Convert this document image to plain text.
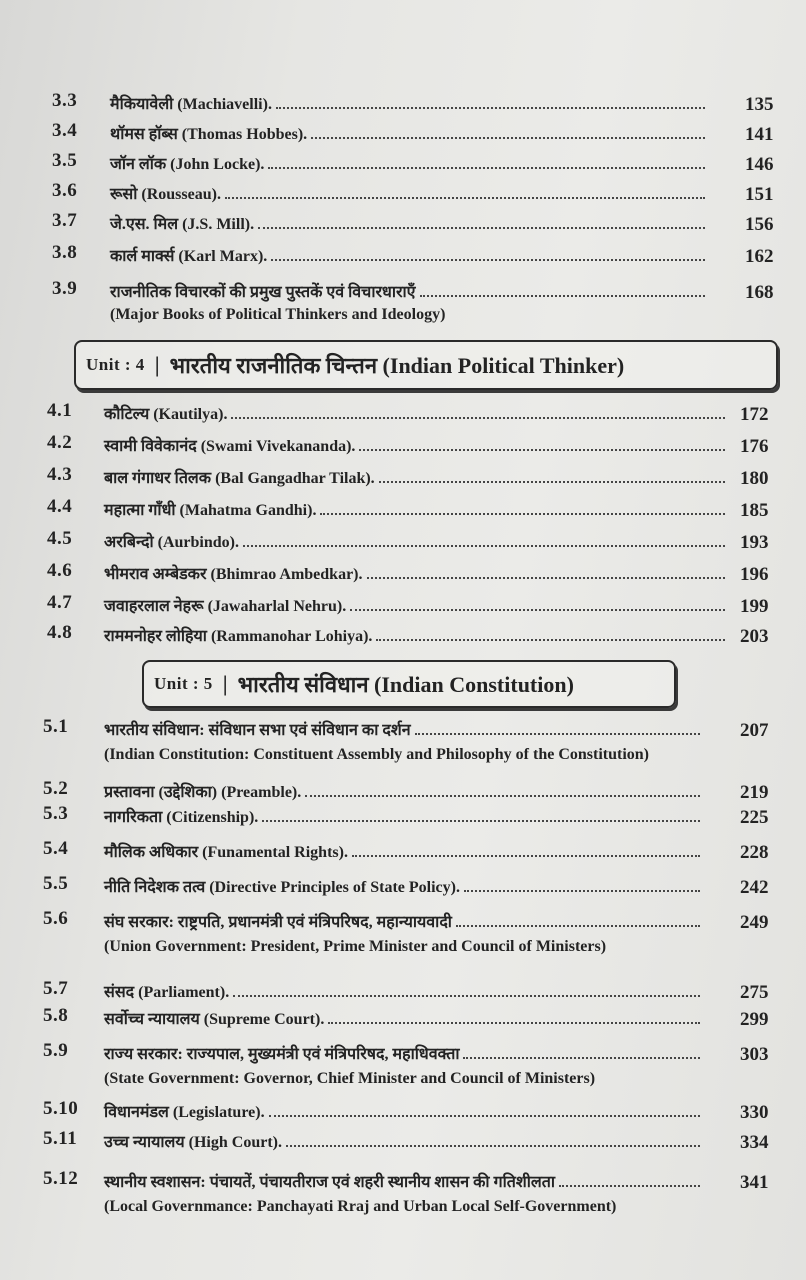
3.3 मैकियावेली (Machiavelli).	135
3.4 थॉमस हॉब्स (Thomas Hobbes).	141
3.5 जॉन लॉक (John Locke).	146
3.6 रूसो (Rousseau).	151
3.7 जे.एस. मिल (J.S. Mill).	156
3.8 कार्ल मार्क्स (Karl Marx).	162
3.9 राजनीतिक विचारकों की प्रमुख पुस्तकें एवं विचारधाराएँ	168
(Major Books of Political Thinkers and Ideology)
Unit : 4 | भारतीय राजनीतिक चिन्तन (Indian Political Thinker)
4.1 कौटिल्य (Kautilya).	172
4.2 स्वामी विवेकानंद (Swami Vivekananda).	176
4.3 बाल गंगाधर तिलक (Bal Gangadhar Tilak).	180
4.4 महात्मा गाँधी (Mahatma Gandhi).	185
4.5 अरबिन्दो (Aurbindo).	193
4.6 भीमराव अम्बेडकर (Bhimrao Ambedkar).	196
4.7 जवाहरलाल नेहरू (Jawaharlal Nehru).	199
4.8 राममनोहर लोहिया (Rammanohar Lohiya).	203
Unit : 5 | भारतीय संविधान (Indian Constitution)
5.1 भारतीय संविधान: संविधान सभा एवं संविधान का दर्शन	207
(Indian Constitution: Constituent Assembly and Philosophy of the Constitution)
5.2 प्रस्तावना (उद्देशिका) (Preamble).	219
5.3 नागरिकता (Citizenship).	225
5.4 मौलिक अधिकार (Funamental Rights).	228
5.5 नीति निदेशक तत्व (Directive Principles of State Policy).	242
5.6 संघ सरकार: राष्ट्रपति, प्रधानमंत्री एवं मंत्रिपरिषद, महान्यायवादी	249
(Union Government: President, Prime Minister and Council of Ministers)
5.7 संसद (Parliament).	275
5.8 सर्वोच्च न्यायालय (Supreme Court).	299
5.9 राज्य सरकार: राज्यपाल, मुख्यमंत्री एवं मंत्रिपरिषद, महाधिवक्ता	303
(State Government: Governor, Chief Minister and Council of Ministers)
5.10 विधानमंडल (Legislature).	330
5.11 उच्च न्यायालय (High Court).	334
5.12 स्थानीय स्वशासन: पंचायतें, पंचायतीराज एवं शहरी स्थानीय शासन की गतिशीलता	341
(Local Governmance: Panchayati Rraj and Urban Local Self-Government)
